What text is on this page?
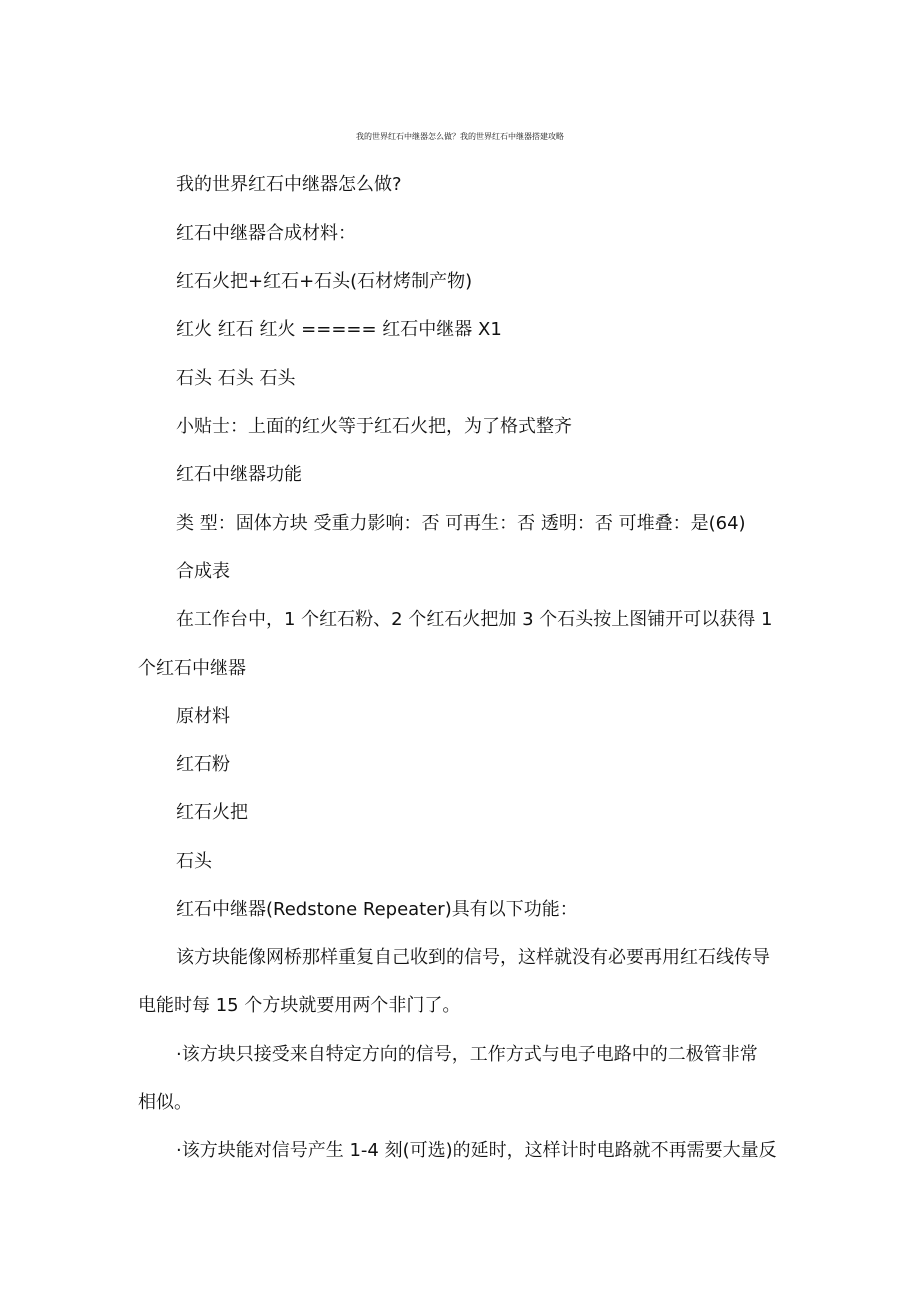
我的世界红石中继器怎么做？我的世界红石中继器搭建攻略
我的世界红石中继器怎么做?
红石中继器合成材料：
红石火把+红石+石头(石材烤制产物)
红火 红石 红火 ===== 红石中继器 X1
石头 石头 石头
小贴士：上面的红火等于红石火把，为了格式整齐
红石中继器功能
类 型：固体方块 受重力影响：否 可再生：否 透明：否 可堆叠：是(64)
合成表
在工作台中，1 个红石粉、2 个红石火把加 3 个石头按上图铺开可以获得 1
个红石中继器
原材料
红石粉
红石火把
石头
红石中继器(Redstone Repeater)具有以下功能：
该方块能像网桥那样重复自己收到的信号，这样就没有必要再用红石线传导
电能时每 15 个方块就要用两个非门了。
·该方块只接受来自特定方向的信号，工作方式与电子电路中的二极管非常
相似。
·该方块能对信号产生 1-4 刻(可选)的延时，这样计时电路就不再需要大量反
